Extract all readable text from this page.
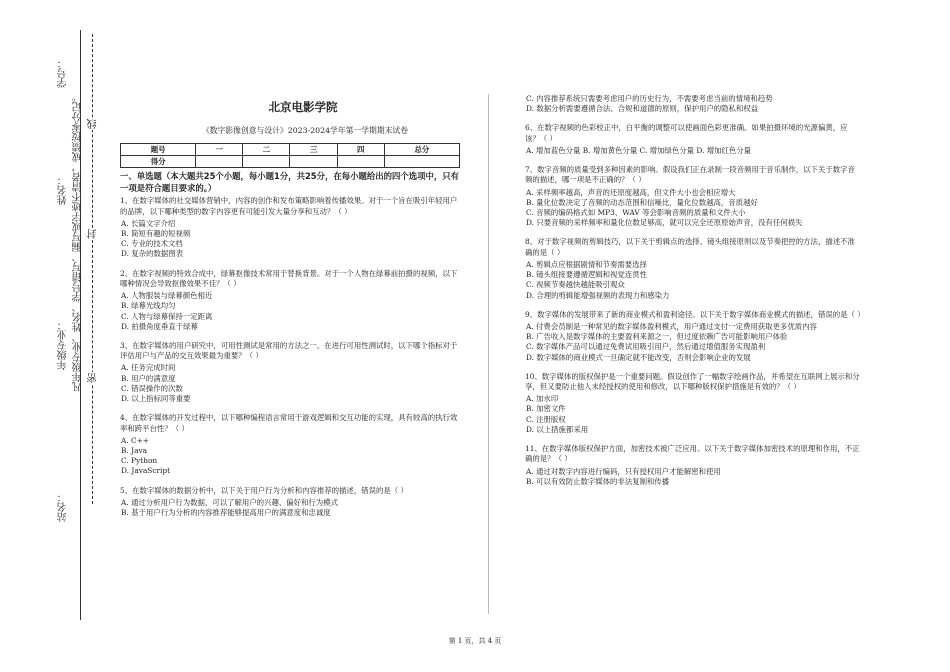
学号：
姓名：
年级专业：
站名：
凡年级专业、姓名、学号错写、漏写或字迹不清者，成绩按零分记。 密
封
线
北京电影学院
《数字影像创意与设计》2023-2024学年第一学期期末试卷
题号	一	二	三	四	总分
得分					
一、单选题（本大题共25个小题，每小题1分，共25分，在每小题给出的四个选项中，只有一项是符合题目要求的。）
1、在数字媒体的社交媒体营销中，内容的创作和发布策略影响着传播效果。对于一个旨在吸引年轻用户的品牌，以下哪种类型的数字内容更有可能引发大量分享和互动？（ ）
A. 长篇文字介绍
B. 简短有趣的短视频
C. 专业的技术文档
D. 复杂的数据图表
2、在数字视频的特效合成中，绿幕抠像技术常用于替换背景。对于一个人物在绿幕前拍摄的视频，以下哪种情况会导致抠像效果不佳？（ ）
A. 人物服装与绿幕颜色相近
B. 绿幕光线均匀
C. 人物与绿幕保持一定距离
D. 拍摄角度垂直于绿幕
3、在数字媒体的用户研究中，可用性测试是常用的方法之一。在进行可用性测试时，以下哪个指标对于评估用户与产品的交互效果最为重要？（ ）
A. 任务完成时间
B. 用户的满意度
C. 错误操作的次数
D. 以上指标同等重要
4、在数字媒体的开发过程中，以下哪种编程语言常用于游戏逻辑和交互功能的实现，具有较高的执行效率和跨平台性？（ ）
A. C++
B. Java
C. Python
D. JavaScript
5、在数字媒体的数据分析中，以下关于用户行为分析和内容推荐的描述，错误的是（ ）
A. 通过分析用户行为数据，可以了解用户的兴趣、偏好和行为模式
B. 基于用户行为分析的内容推荐能够提高用户的满意度和忠诚度
C. 内容推荐系统只需要考虑用户的历史行为，不需要考虑当前的情境和趋势
D. 数据分析需要遵循合法、合规和道德的原则，保护用户的隐私和权益
6、在数字视频的色彩校正中，白平衡的调整可以使画面色彩更准确。如果拍摄环境的光源偏黄，应该？（ ）
A. 增加蓝色分量 B. 增加黄色分量 C. 增加绿色分量 D. 增加红色分量
7、数字音频的质量受到多种因素的影响。假设我们正在录制一段音频用于音乐制作，以下关于数字音频的描述，哪一项是不正确的？（ ）
A. 采样频率越高，声音的还原度越高，但文件大小也会相应增大
B. 量化位数决定了音频的动态范围和信噪比，量化位数越高，音质越好
C. 音频的编码格式如 MP3、WAV 等会影响音频的质量和文件大小
D. 只要音频的采样频率和量化位数足够高，就可以完全还原原始声音，没有任何损失
8、对于数字视频的剪辑技巧，以下关于剪辑点的选择、镜头组接原则以及节奏把控的方法，描述不准确的是（ ）
A. 剪辑点应根据剧情和节奏需要选择
B. 镜头组接要遵循逻辑和视觉连贯性
C. 视频节奏越快越能吸引观众
D. 合理的剪辑能增强视频的表现力和感染力
9、数字媒体的发展带来了新的商业模式和盈利途径。以下关于数字媒体商业模式的描述，错误的是（ ）
A. 付费会员制是一种常见的数字媒体盈利模式，用户通过支付一定费用获取更多优质内容
B. 广告收入是数字媒体的主要盈利来源之一，但过度依赖广告可能影响用户体验
C. 数字媒体产品可以通过免费试用吸引用户，然后通过增值服务实现盈利
D. 数字媒体的商业模式一旦确定就不能改变，否则会影响企业的发展
10、数字媒体的版权保护是一个重要问题。假设创作了一幅数字绘画作品，并希望在互联网上展示和分享，但又要防止他人未经授权的使用和修改，以下哪种版权保护措施是有效的？（ ）
A. 加水印
B. 加密文件
C. 注册版权
D. 以上措施都采用
11、在数字媒体版权保护方面，加密技术被广泛应用。以下关于数字媒体加密技术的原理和作用，不正确的是？（ ）
A. 通过对数字内容进行编码，只有授权用户才能解密和使用
B. 可以有效防止数字媒体的非法复制和传播
第 1 页，共 4 页
